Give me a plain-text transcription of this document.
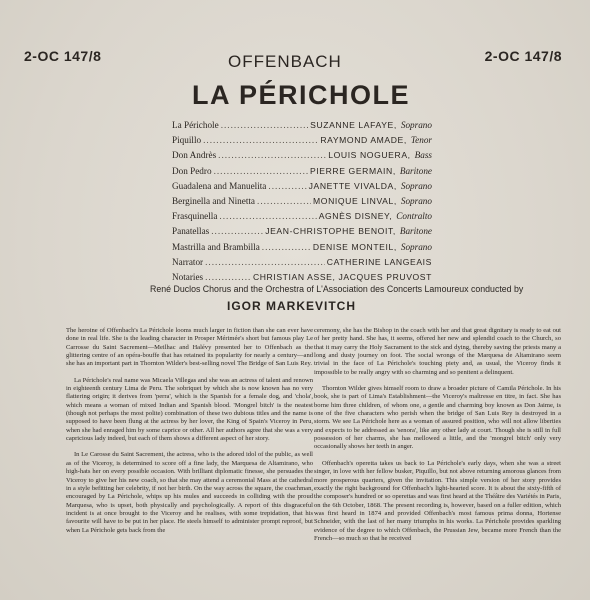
2-OC 147/8	2-OC 147/8
OFFENBACH
LA PÉRICHOLE
La Périchole .....	SUZANNE LAFAYE, Soprano
Piquillo .....	RAYMOND AMADE, Tenor
Don Andrès .....	LOUIS NOGUERA, Bass
Don Pedro .....	PIERRE GERMAIN, Baritone
Guadalena and Manuelita .....	JANETTE VIVALDA, Soprano
Berginella and Ninetta .....	MONIQUE LINVAL, Soprano
Frasquinella .....	AGNÈS DISNEY, Contralto
Panatellas .....	JEAN-CHRISTOPHE BENOIT, Baritone
Mastrilla and Brambilla .....	DENISE MONTEIL, Soprano
Narrator .....	CATHERINE LANGEAIS
Notaries .....	CHRISTIAN ASSE, JACQUES PRUVOST
René Duclos Chorus and the Orchestra of L'Association des Concerts Lamoureux conducted by
IGOR MARKEVITCH

The heroine of Offenbach's La Périchole looms much larger in fiction than she can ever have done in real life. She is the leading character in Prosper Mérimée's short but famous play Le Carrosse du Saint Sacrement—Meilhac and Halévy presented her to Offenbach as the glittering centre of an opéra-bouffe that has retained its popularity for nearly a century—and she has an important part in Thornton Wilder's best-selling novel The Bridge of San Luis Rey.

La Périchole's real name was Micaela Villegas and she was an actress of talent and renown in eighteenth century Lima de Peru. The sobriquet by which she is now known has no very flattering origin; it derives from 'perra', which is the Spanish for a female dog, and 'chola', which means a woman of mixed Indian and Spanish blood. 'Mongrel bitch' is the neatest (though not perhaps the most polite) combination of these two dubious titles and the name is supposed to have been flung at the actress by her lover, the King of Spain's Viceroy in Peru, when she had enraged him by some caprice or other. All her authors agree that she was a very capricious lady indeed, but each of them shows a different aspect of her story.

In Le Carosse du Saint Sacrement, the actress, who is the adored idol of the public, as well as of the Viceroy, is determined to score off a fine lady, the Marquesa de Altamirano, who high-hats her on every possible occasion. With brilliant diplomatic finesse, she persuades the Viceroy to give her his new coach, so that she may attend a ceremonial Mass at the cathedral in a style befitting her celebrity, if not her birth. On the way across the square, the coachman, encouraged by La Périchole, whips up his mules and succeeds in colliding with the proud Marquesa, who is upset, both physically and psychologically. A report of this disgraceful incident is at once brought to the Viceroy and he realises, with some trepidation, that his favourite will have to be put in her place. He steels himself to administer prompt reproof, but when La Périchole gets back from the

ceremony, she has the Bishop in the coach with her and that great dignitary is ready to eat out of her pretty hand. She has, it seems, offered her new and splendid coach to the Church, so that it may carry the Holy Sacrament to the sick and dying, thereby saving the priests many a long and dusty journey on foot. The social wrongs of the Marquesa de Altamirano seem trivial in the face of La Périchole's touching piety and, as usual, the Viceroy finds it impossible to be really angry with so charming and so penitent a delinquent.

Thornton Wilder gives himself room to draw a broader picture of Camila Périchole. In his book, she is part of Lima's Establishment—the Viceroy's maîtresse en titre, in fact. She has borne him three children, of whom one, a gentle and charming boy known as Don Jaime, is one of the five characters who perish when the bridge of San Luis Rey is destroyed in a storm. We see La Périchole here as a woman of assured position, who will not allow liberties and expects to be addressed as 'senora', like any other lady at court. Though she is still in full possession of her charms, she has mellowed a little, and the 'mongrel bitch' only very occasionally shows her teeth in anger.

Offenbach's operetta takes us back to La Périchole's early days, when she was a street singer, in love with her fellow busker, Piquillo, but not above returning amorous glances from more prosperous quarters, given the invitation. This simple version of her story provides exactly the right background for Offenbach's light-hearted score. It is about the sixty-fifth of the composer's hundred or so operettas and was first heard at the Théâtre des Variétés in Paris, on the 6th October, 1868. The present recording is, however, based on a fuller edition, which was first heard in 1874 and provided Offenbach's most famous prima donna, Hortense Schneider, with the last of her many triumphs in his works. La Périchole provides sparkling evidence of the degree to which Offenbach, the Prussian Jew, became more French than the French—so much so that he received
